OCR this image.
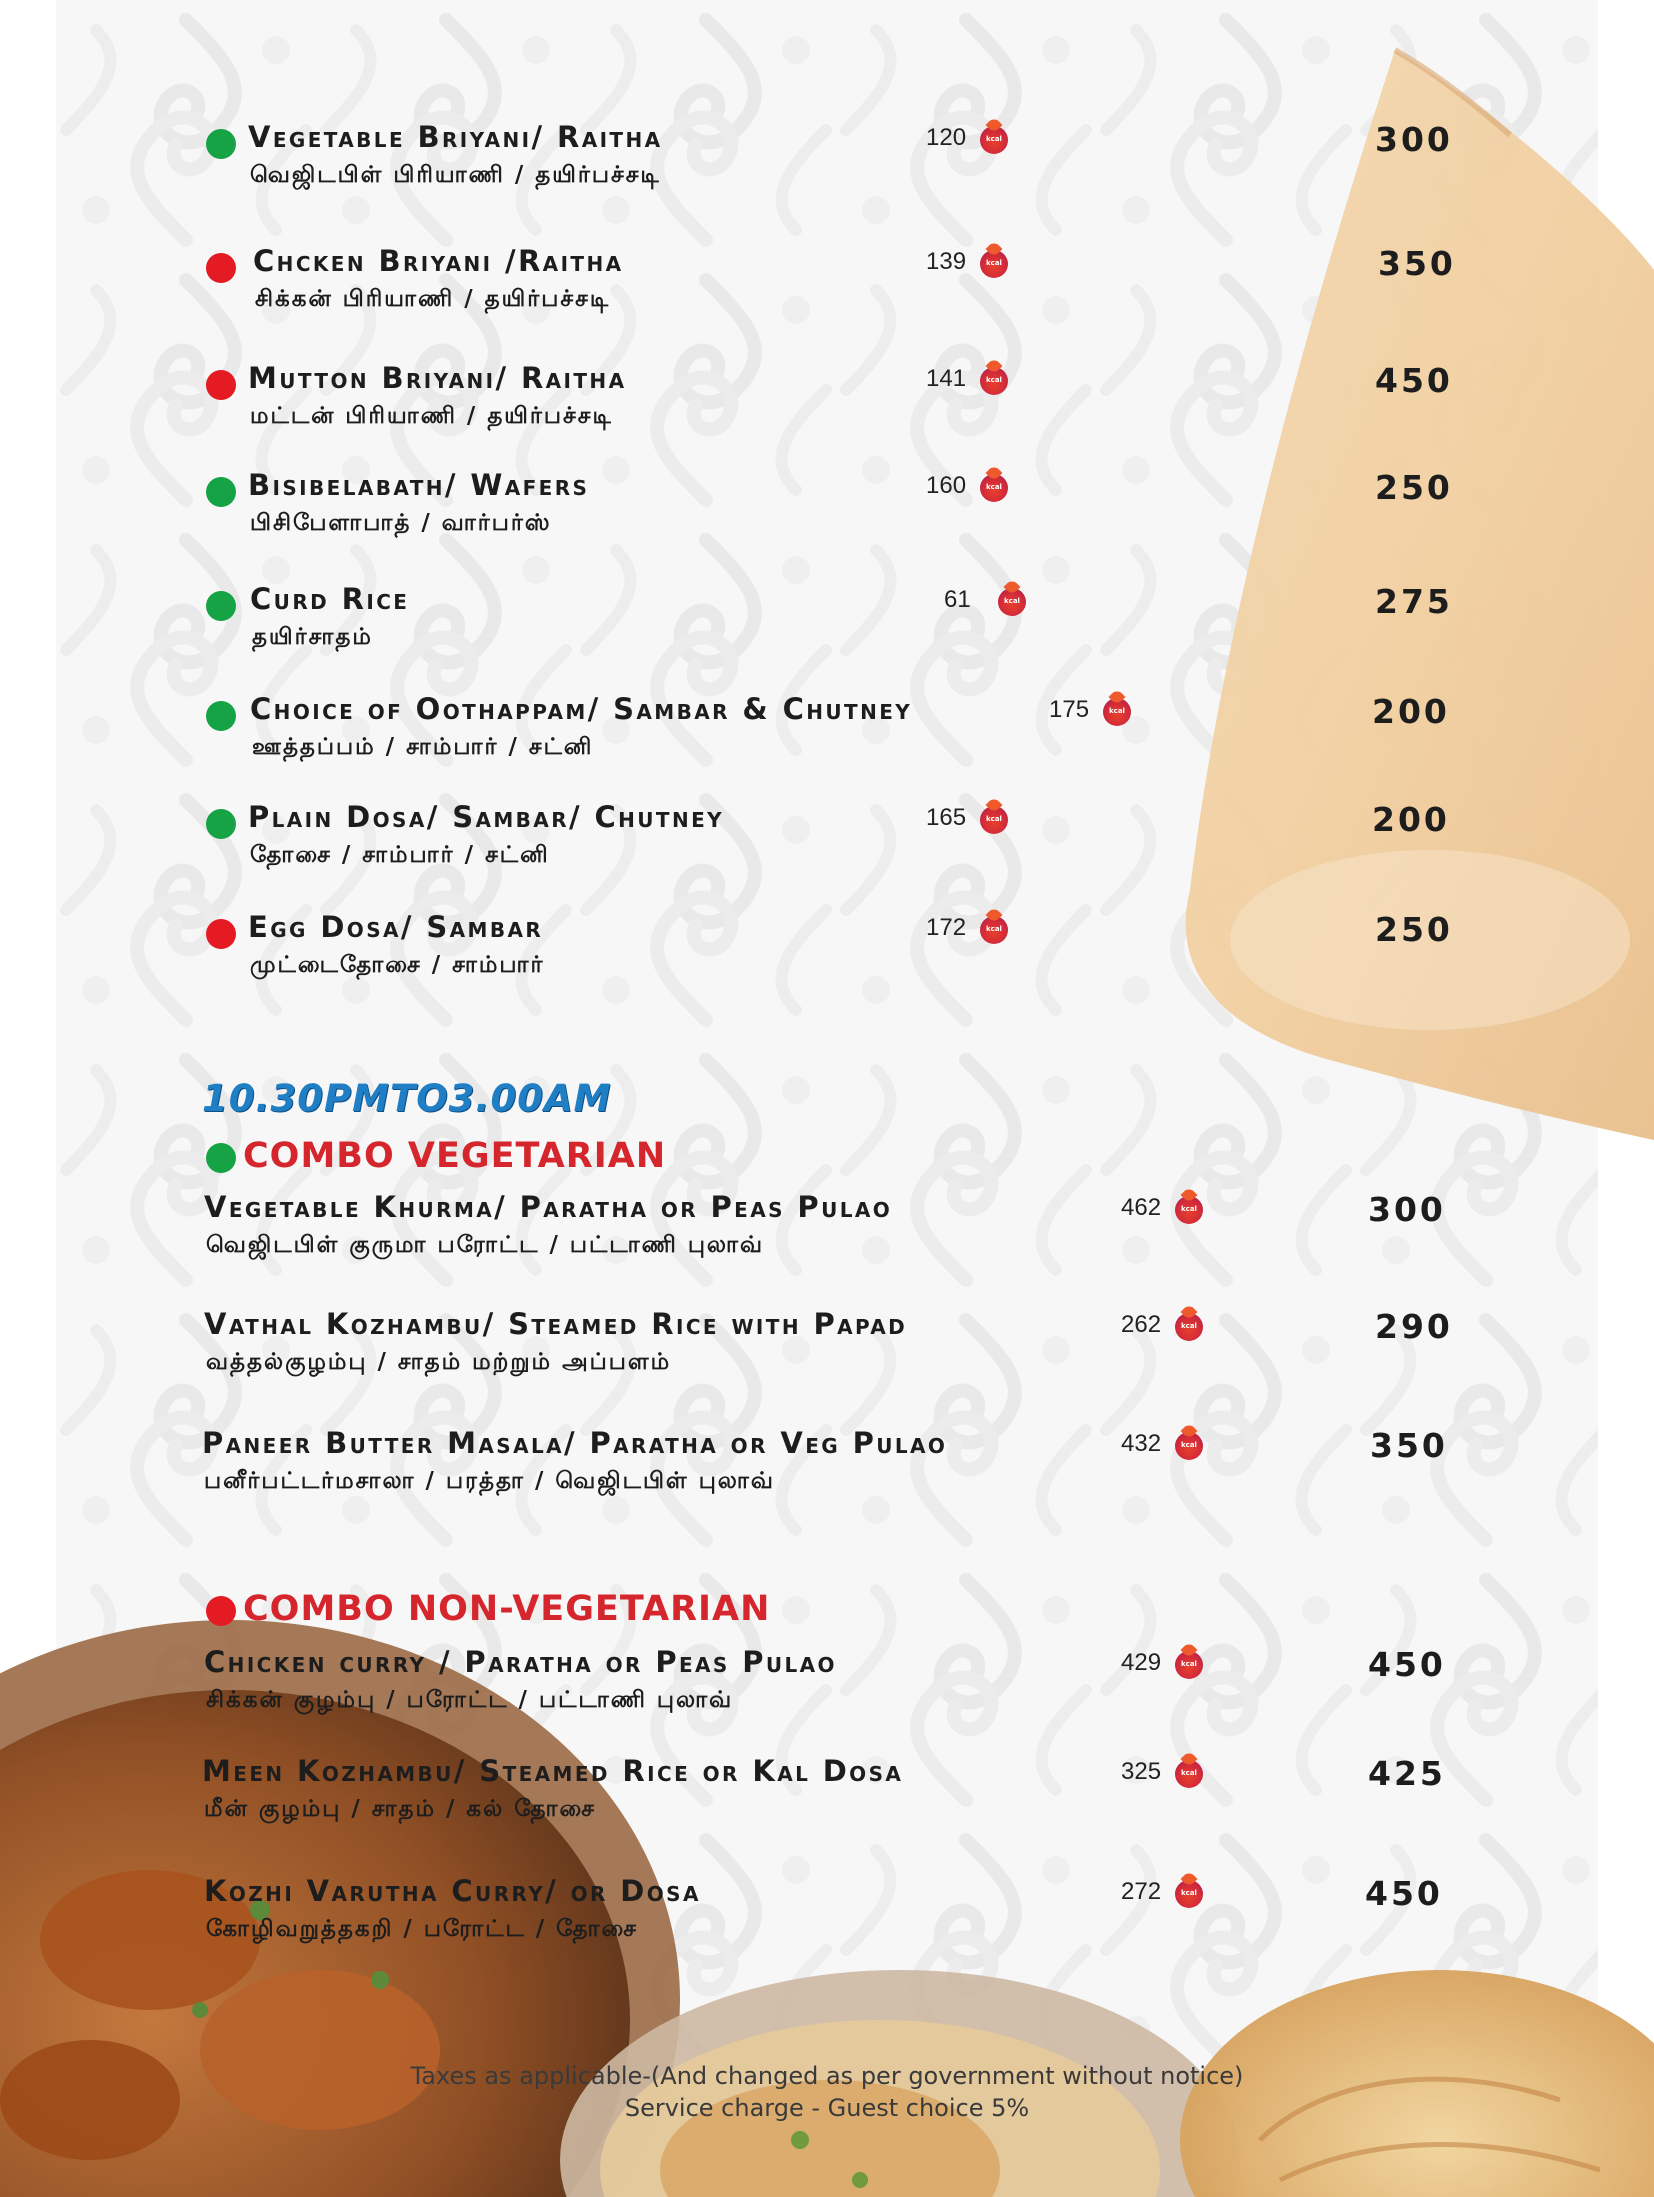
10.30PMTO3.00AM
COMBO VEGETARIAN
COMBO NON-VEGETARIAN
Vegetable Briyani/ Raitha
வெஜிடபிள் பிரியாணி / தயிர்பச்சடி
120	kcal	300
Chcken Briyani /Raitha
சிக்கன் பிரியாணி / தயிர்பச்சடி
139	kcal	350
Mutton Briyani/ Raitha
மட்டன் பிரியாணி / தயிர்பச்சடி
141	kcal	450
Bisibelabath/ Wafers
பிசிபேளாபாத் / வார்பர்ஸ்
160	kcal	250
Curd Rice
தயிர்சாதம்
61	kcal	275
Choice of Oothappam/ Sambar & Chutney
ஊத்தப்பம் / சாம்பார் / சட்னி
175	kcal	200
Plain Dosa/ Sambar/ Chutney
தோசை / சாம்பார் / சட்னி
165	kcal	200
Egg Dosa/ Sambar
முட்டைதோசை / சாம்பார்
172	kcal	250
Vegetable Khurma/ Paratha or Peas Pulao
வெஜிடபிள் குருமா பரோட்ட / பட்டாணி புலாவ்
462	kcal	300
Vathal Kozhambu/ Steamed Rice with Papad
வத்தல்குழம்பு / சாதம் மற்றும் அப்பளம்
262	kcal	290
Paneer Butter Masala/ Paratha or Veg Pulao
பனீர்பட்டர்மசாலா / பரத்தா / வெஜிடபிள் புலாவ்
432	kcal	350
Chicken curry / Paratha or Peas Pulao
சிக்கன் குழம்பு / பரோட்ட / பட்டாணி புலாவ்
429	kcal	450
Meen Kozhambu/ Steamed Rice or Kal Dosa
மீன் குழம்பு / சாதம் / கல் தோசை
325	kcal	425
Kozhi Varutha Curry/ or Dosa
கோழிவறுத்தகறி / பரோட்ட / தோசை
272	kcal	450
Taxes as applicable-(And changed as per government without notice)
Service charge - Guest choice 5%
